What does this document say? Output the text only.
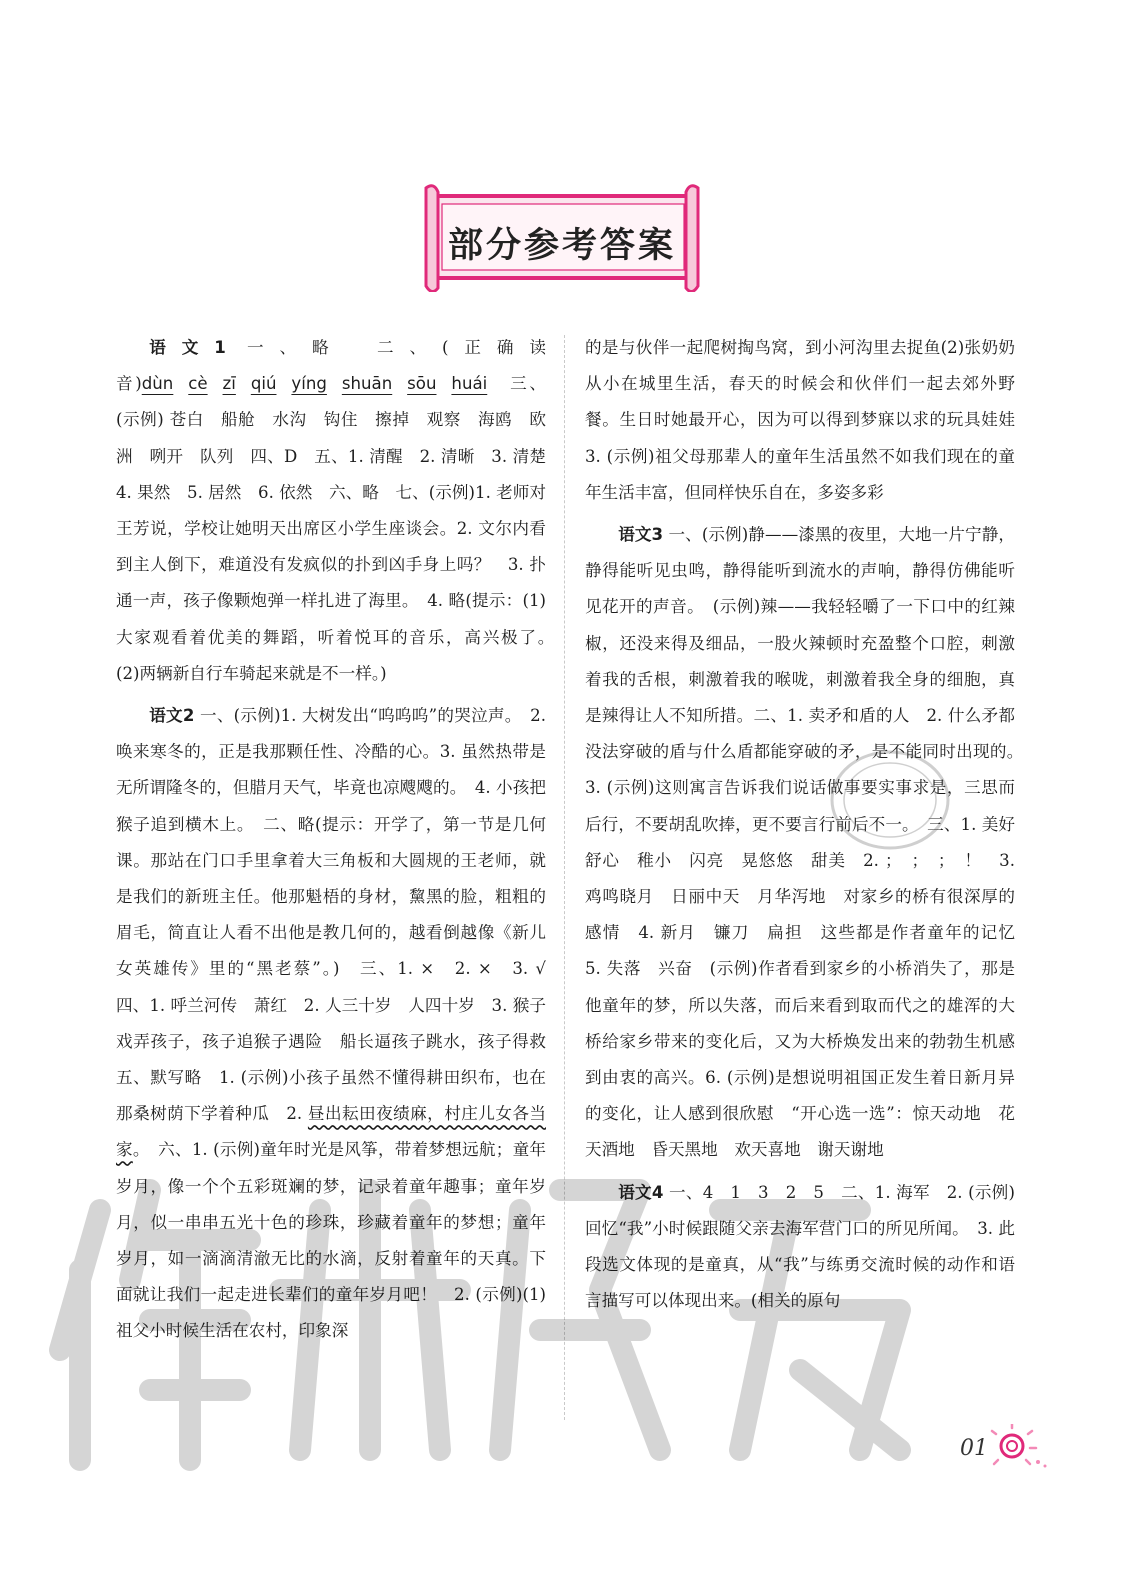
部分参考答案

语文1 一、略　二、(正确读音)dùn cè zī qiú yíng shuān sōu huái 三、(示例) 苍白　船舱　水沟　钩住　擦掉　观察　海鸥　欧洲　咧开　队列　四、D　五、1. 清醒　2. 清晰　3. 清楚　4. 果然　5. 居然　6. 依然　六、略　七、(示例)1. 老师对王芳说，学校让她明天出席区小学生座谈会。2. 文尔内看到主人倒下，难道没有发疯似的扑到凶手身上吗？　3. 扑通一声，孩子像颗炮弹一样扎进了海里。　4. 略(提示：(1)大家观看着优美的舞蹈，听着悦耳的音乐，高兴极了。　(2)两辆新自行车骑起来就是不一样。)

语文2 一、(示例)1. 大树发出“呜呜呜”的哭泣声。　2. 唤来寒冬的，正是我那颗任性、冷酷的心。3. 虽然热带是无所谓隆冬的，但腊月天气，毕竟也凉飕飕的。　4. 小孩把猴子追到横木上。　二、略(提示：开学了，第一节是几何课。那站在门口手里拿着大三角板和大圆规的王老师，就是我们的新班主任。他那魁梧的身材，黧黑的脸，粗粗的眉毛，简直让人看不出他是教几何的，越看倒越像《新儿女英雄传》里的“黑老蔡”。)　三、1. ×　2. ×　3. √　四、1. 呼兰河传　萧红　2. 人三十岁　人四十岁　3. 猴子戏弄孩子，孩子追猴子遇险　船长逼孩子跳水，孩子得救　五、默写略　1. (示例)小孩子虽然不懂得耕田织布，也在那桑树荫下学着种瓜　2. 昼出耘田夜绩麻，村庄儿女各当家。　六、1. (示例)童年时光是风筝，带着梦想远航；童年岁月，像一个个五彩斑斓的梦，记录着童年趣事；童年岁月，似一串串五光十色的珍珠，珍藏着童年的梦想；童年岁月，如一滴滴清澈无比的水滴，反射着童年的天真。下面就让我们一起走进长辈们的童年岁月吧！　2. (示例)(1)祖父小时候生活在农村，印象深

的是与伙伴一起爬树掏鸟窝，到小河沟里去捉鱼(2)张奶奶从小在城里生活，春天的时候会和伙伴们一起去郊外野餐。生日时她最开心，因为可以得到梦寐以求的玩具娃娃　3. (示例)祖父母那辈人的童年生活虽然不如我们现在的童年生活丰富，但同样快乐自在，多姿多彩

语文3 一、(示例)静——漆黑的夜里，大地一片宁静，静得能听见虫鸣，静得能听到流水的声响，静得仿佛能听见花开的声音。　(示例)辣——我轻轻嚼了一下口中的红辣椒，还没来得及细品，一股火辣顿时充盈整个口腔，刺激着我的舌根，刺激着我的喉咙，刺激着我全身的细胞，真是辣得让人不知所措。二、1. 卖矛和盾的人　2. 什么矛都没法穿破的盾与什么盾都能穿破的矛，是不能同时出现的。　3. (示例)这则寓言告诉我们说话做事要实事求是，三思而后行，不要胡乱吹捧，更不要言行前后不一。　三、1. 美好　舒心　稚小　闪亮　晃悠悠　甜美　2. ；　；　；　！　3. 鸡鸣晓月　日丽中天　月华泻地　对家乡的桥有很深厚的感情　4. 新月　镰刀　扁担　这些都是作者童年的记忆　5. 失落　兴奋　(示例)作者看到家乡的小桥消失了，那是他童年的梦，所以失落，而后来看到取而代之的雄浑的大桥给家乡带来的变化后，又为大桥焕发出来的勃勃生机感到由衷的高兴。6. (示例)是想说明祖国正发生着日新月异的变化，让人感到很欣慰　“开心选一选”：惊天动地　花天酒地　昏天黑地　欢天喜地　谢天谢地

语文4 一、4　1　3　2　5　二、1. 海军　2. (示例)回忆“我”小时候跟随父亲去海军营门口的所见所闻。　3. 此段选文体现的是童真，从“我”与练勇交流时候的动作和语言描写可以体现出来。(相关的原句

01
